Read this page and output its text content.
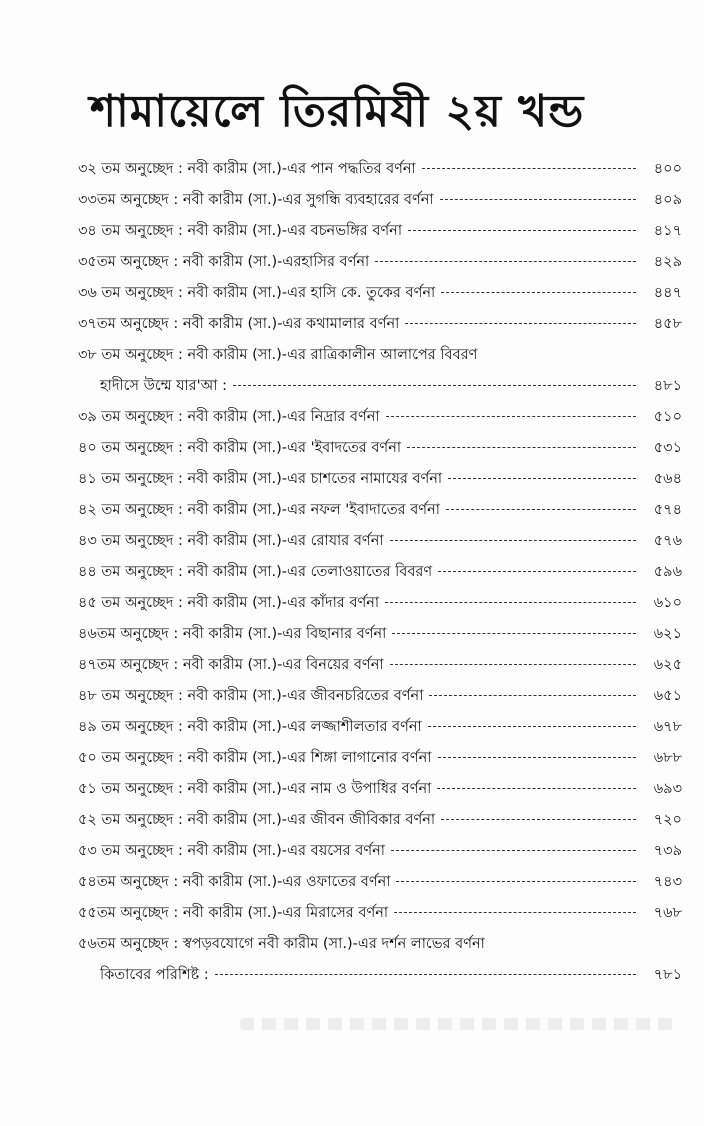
শামায়েলে তিরমিযী ২য় খন্ড
৩২ তম অনুচ্ছেদ : নবী কারীম (সা.)-এর পান পদ্ধতির বর্ণনা	৪০০
৩৩তম অনুচ্ছেদ : নবী কারীম (সা.)-এর সুগন্ধি ব্যবহারের বর্ণনা	৪০৯
৩৪ তম অনুচ্ছেদ : নবী কারীম (সা.)-এর বচনভঙ্গির বর্ণনা	৪১৭
৩৫তম অনুচ্ছেদ : নবী কারীম (সা.)-এরহাসির বর্ণনা	৪২৯
৩৬ তম অনুচ্ছেদ : নবী কারীম (সা.)-এর হাসি কে. তুকের বর্ণনা	৪৪৭
৩৭তম অনুচ্ছেদ : নবী কারীম (সা.)-এর কথামালার বর্ণনা	৪৫৮
৩৮ তম অনুচ্ছেদ : নবী কারীম (সা.)-এর রাত্রিকালীন আলাপের বিবরণ
হাদীসে উম্মে যার'আ :	৪৮১
৩৯ তম অনুচ্ছেদ : নবী কারীম (সা.)-এর নিদ্রার বর্ণনা	৫১০
৪০ তম অনুচ্ছেদ : নবী কারীম (সা.)-এর 'ইবাদতের বর্ণনা	৫৩১
৪১ তম অনুচ্ছেদ : নবী কারীম (সা.)-এর চাশতের নামাযের বর্ণনা	৫৬৪
৪২ তম অনুচ্ছেদ : নবী কারীম (সা.)-এর নফল 'ইবাদাতের বর্ণনা	৫৭৪
৪৩ তম অনুচ্ছেদ : নবী কারীম (সা.)-এর রোযার বর্ণনা	৫৭৬
৪৪ তম অনুচ্ছেদ : নবী কারীম (সা.)-এর তেলাওয়াতের বিবরণ	৫৯৬
৪৫ তম অনুচ্ছেদ : নবী কারীম (সা.)-এর কাঁদার বর্ণনা	৬১০
৪৬তম অনুচ্ছেদ : নবী কারীম (সা.)-এর বিছানার বর্ণনা	৬২১
৪৭তম অনুচ্ছেদ : নবী কারীম (সা.)-এর বিনয়ের বর্ণনা	৬২৫
৪৮ তম অনুচ্ছেদ : নবী কারীম (সা.)-এর জীবনচরিতের বর্ণনা	৬৫১
৪৯ তম অনুচ্ছেদ : নবী কারীম (সা.)-এর লজ্জাশীলতার বর্ণনা	৬৭৮
৫০ তম অনুচ্ছেদ : নবী কারীম (সা.)-এর শিঙ্গা লাগানোর বর্ণনা	৬৮৮
৫১ তম অনুচ্ছেদ : নবী কারীম (সা.)-এর নাম ও উপাধির বর্ণনা	৬৯৩
৫২ তম অনুচ্ছেদ : নবী কারীম (সা.)-এর জীবন জীবিকার বর্ণনা	৭২০
৫৩ তম অনুচ্ছেদ : নবী কারীম (সা.)-এর বয়সের বর্ণনা	৭৩৯
৫৪তম অনুচ্ছেদ : নবী কারীম (সা.)-এর ওফাতের বর্ণনা	৭৪৩
৫৫তম অনুচ্ছেদ : নবী কারীম (সা.)-এর মিরাসের বর্ণনা	৭৬৮
৫৬তম অনুচ্ছেদ : স্বপড়বযোগে নবী কারীম (সা.)-এর দর্শন লাভের বর্ণনা
কিতাবের পরিশিষ্ট :	৭৮১
